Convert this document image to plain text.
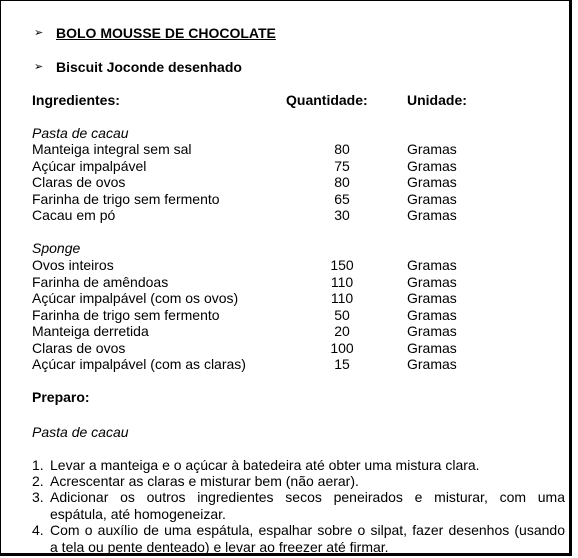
➢ BOLO MOUSSE DE CHOCOLATE
➢ Biscuit Joconde desenhado
Ingredientes:	Quantidade:	Unidade:
Pasta de cacau
Manteiga integral sem sal	80	Gramas
Açúcar impalpável	75	Gramas
Claras de ovos	80	Gramas
Farinha de trigo sem fermento	65	Gramas
Cacau em pó	30	Gramas
Sponge
Ovos inteiros	150	Gramas
Farinha de amêndoas	110	Gramas
Açúcar impalpável (com os ovos)	110	Gramas
Farinha de trigo sem fermento	50	Gramas
Manteiga derretida	20	Gramas
Claras de ovos	100	Gramas
Açúcar impalpável (com as claras)	15	Gramas
Preparo:
Pasta de cacau
1. Levar a manteiga e o açúcar à batedeira até obter uma mistura clara.
2. Acrescentar as claras e misturar bem (não aerar).
3. Adicionar os outros ingredientes secos peneirados e misturar, com uma
espátula, até homogeneizar.
4. Com o auxílio de uma espátula, espalhar sobre o silpat, fazer desenhos (usando
a tela ou pente denteado) e levar ao freezer até firmar.
